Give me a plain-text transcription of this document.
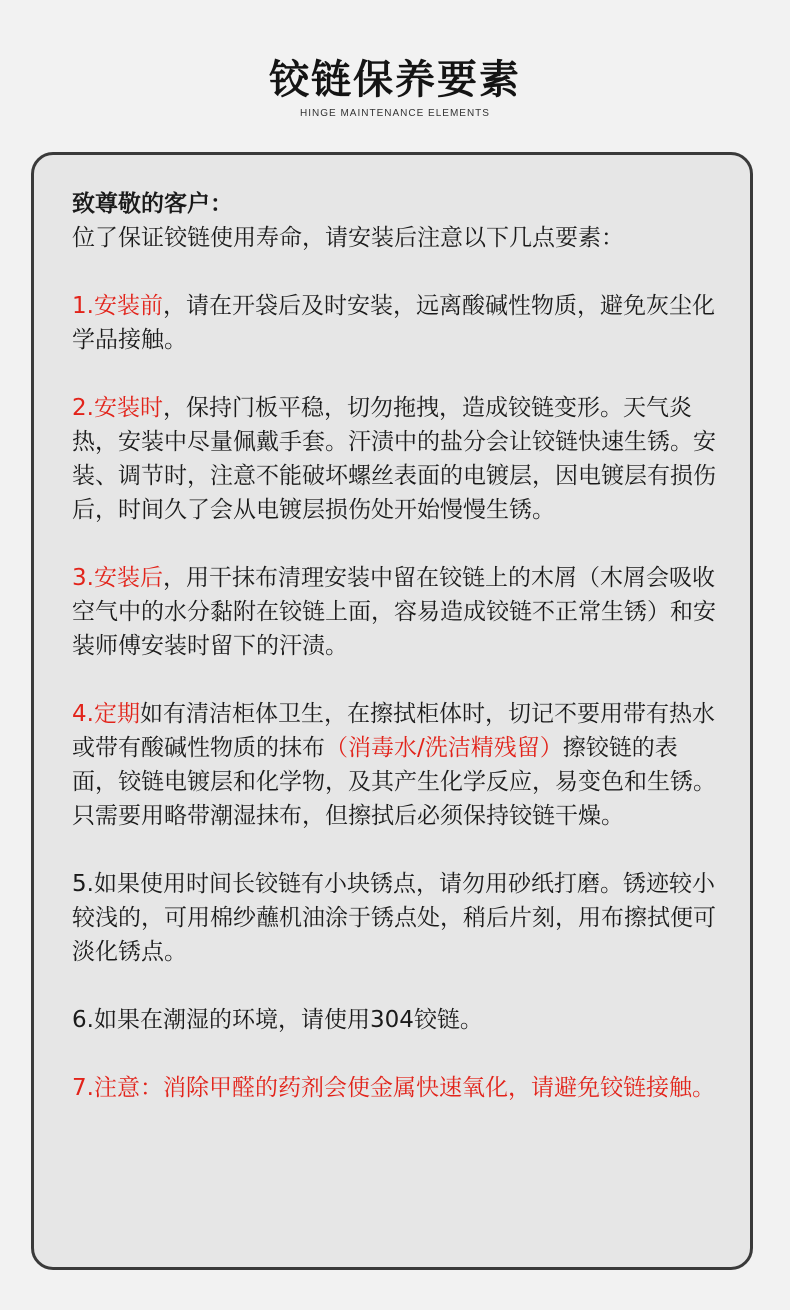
铰链保养要素
HINGE MAINTENANCE ELEMENTS

致尊敬的客户：

位了保证铰链使用寿命，请安装后注意以下几点要素：

1.安装前，请在开袋后及时安装，远离酸碱性物质，避免灰尘化学品接触。

2.安装时，保持门板平稳，切勿拖拽，造成铰链变形。天气炎热，安装中尽量佩戴手套。汗渍中的盐分会让铰链快速生锈。安装、调节时，注意不能破坏螺丝表面的电镀层，因电镀层有损伤后，时间久了会从电镀层损伤处开始慢慢生锈。

3.安装后，用干抹布清理安装中留在铰链上的木屑（木屑会吸收空气中的水分黏附在铰链上面，容易造成铰链不正常生锈）和安装师傅安装时留下的汗渍。

4.定期如有清洁柜体卫生，在擦拭柜体时，切记不要用带有热水或带有酸碱性物质的抹布（消毒水/洗洁精残留）擦铰链的表面，铰链电镀层和化学物，及其产生化学反应，易变色和生锈。只需要用略带潮湿抹布，但擦拭后必须保持铰链干燥。

5.如果使用时间长铰链有小块锈点，请勿用砂纸打磨。锈迹较小较浅的，可用棉纱蘸机油涂于锈点处，稍后片刻，用布擦拭便可淡化锈点。

6.如果在潮湿的环境，请使用304铰链。

7.注意：消除甲醛的药剂会使金属快速氧化，请避免铰链接触。
